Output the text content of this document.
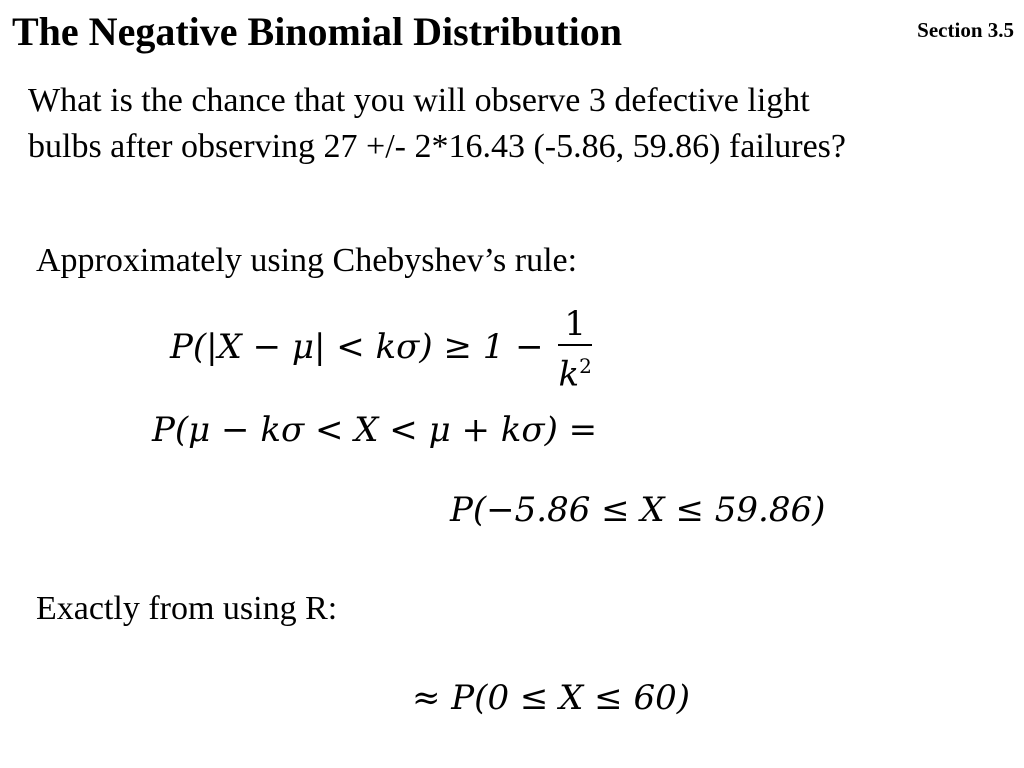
The Negative Binomial Distribution	Section 3.5
What is the chance that you will observe 3 defective light
bulbs after observing 27 +/- 2*16.43 (-5.86, 59.86) failures?
Approximately using Chebyshev’s rule:
$P(|X - \mu| < k\sigma) \ge 1 - \frac{1}{k^2}$
P(μ − kσ < X < μ + kσ) =
P(−5.86 ≤ X ≤ 59.86)
Exactly from using R:
≈ P(0 ≤ X ≤ 60)
